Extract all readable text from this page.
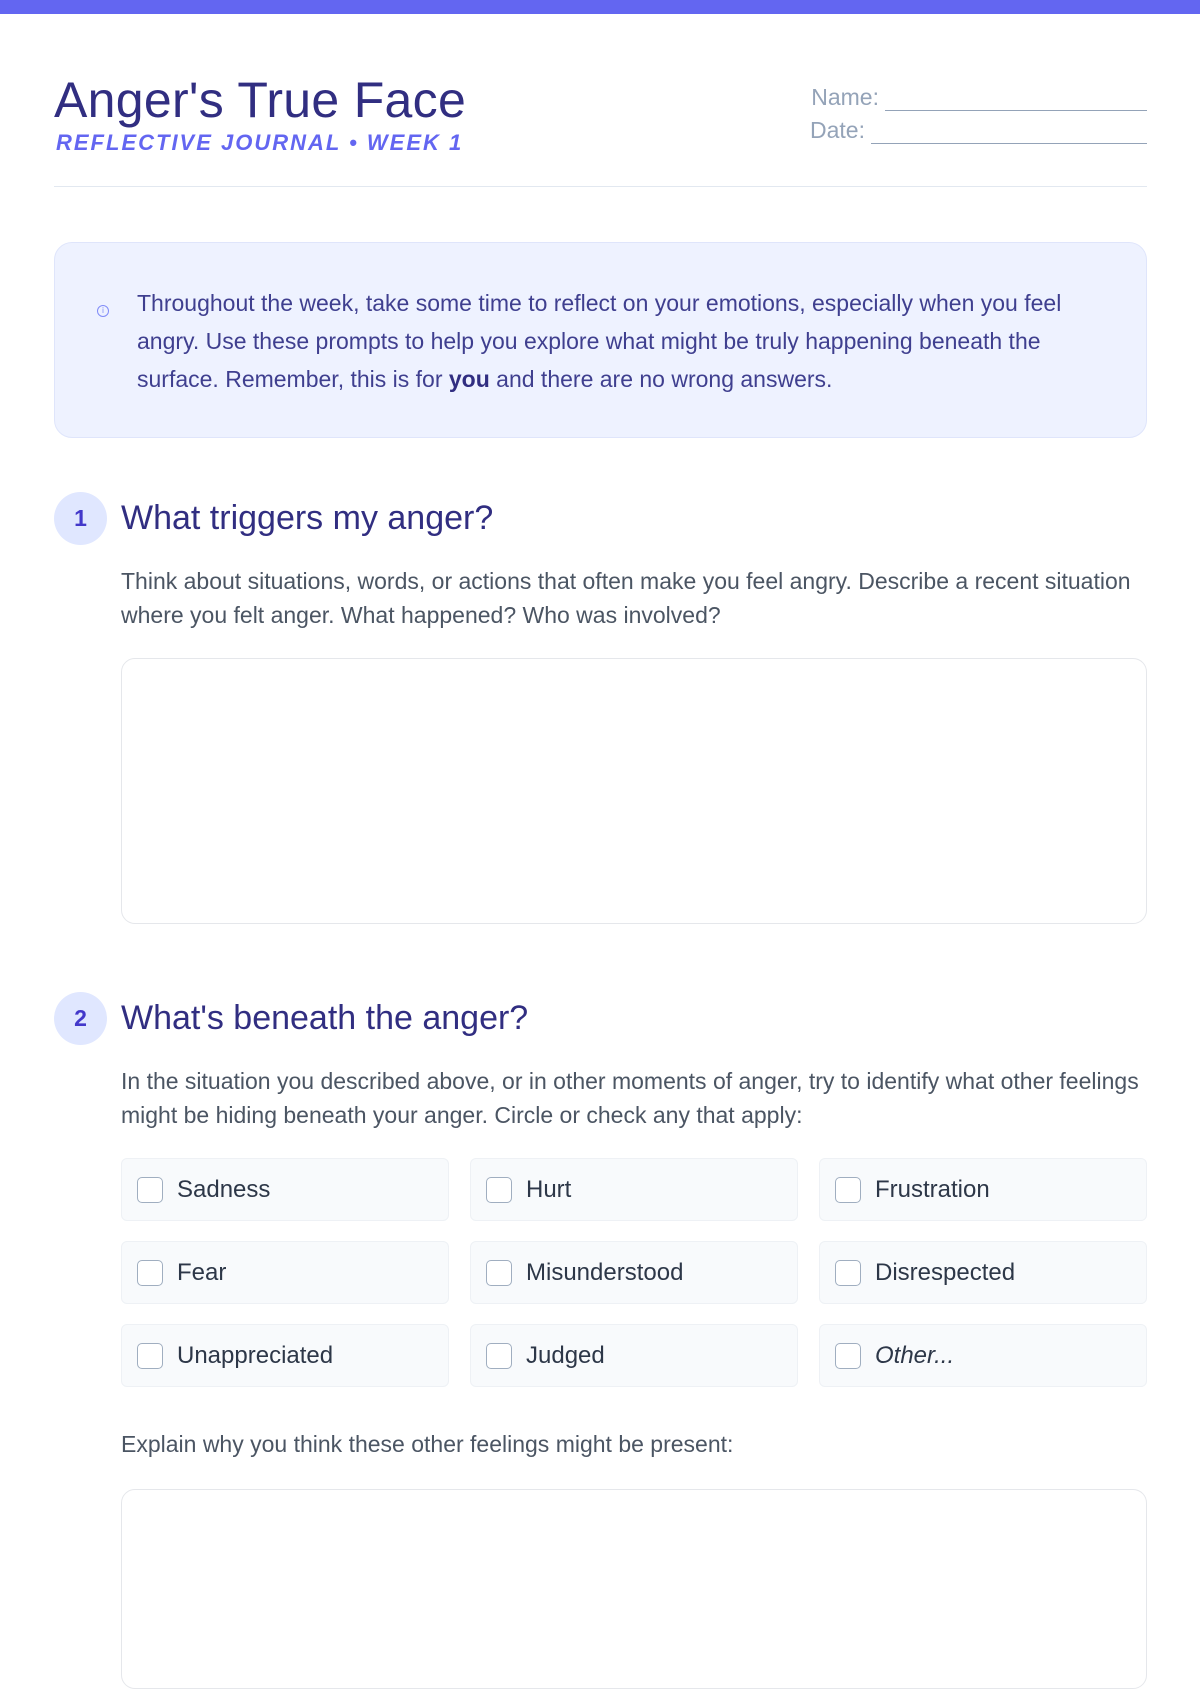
Anger's True Face
REFLECTIVE JOURNAL • WEEK 1
Name:
Date:
i Throughout the week, take some time to reflect on your emotions, especially when you feel angry. Use these prompts to help you explore what might be truly happening beneath the surface. Remember, this is for you and there are no wrong answers.
1	What triggers my anger?
Think about situations, words, or actions that often make you feel angry. Describe a recent situation where you felt anger. What happened? Who was involved?
2	What's beneath the anger?
In the situation you described above, or in other moments of anger, try to identify what other feelings might be hiding beneath your anger. Circle or check any that apply:
Sadness	Hurt	Frustration
Fear	Misunderstood	Disrespected
Unappreciated	Judged	Other...
Explain why you think these other feelings might be present:
